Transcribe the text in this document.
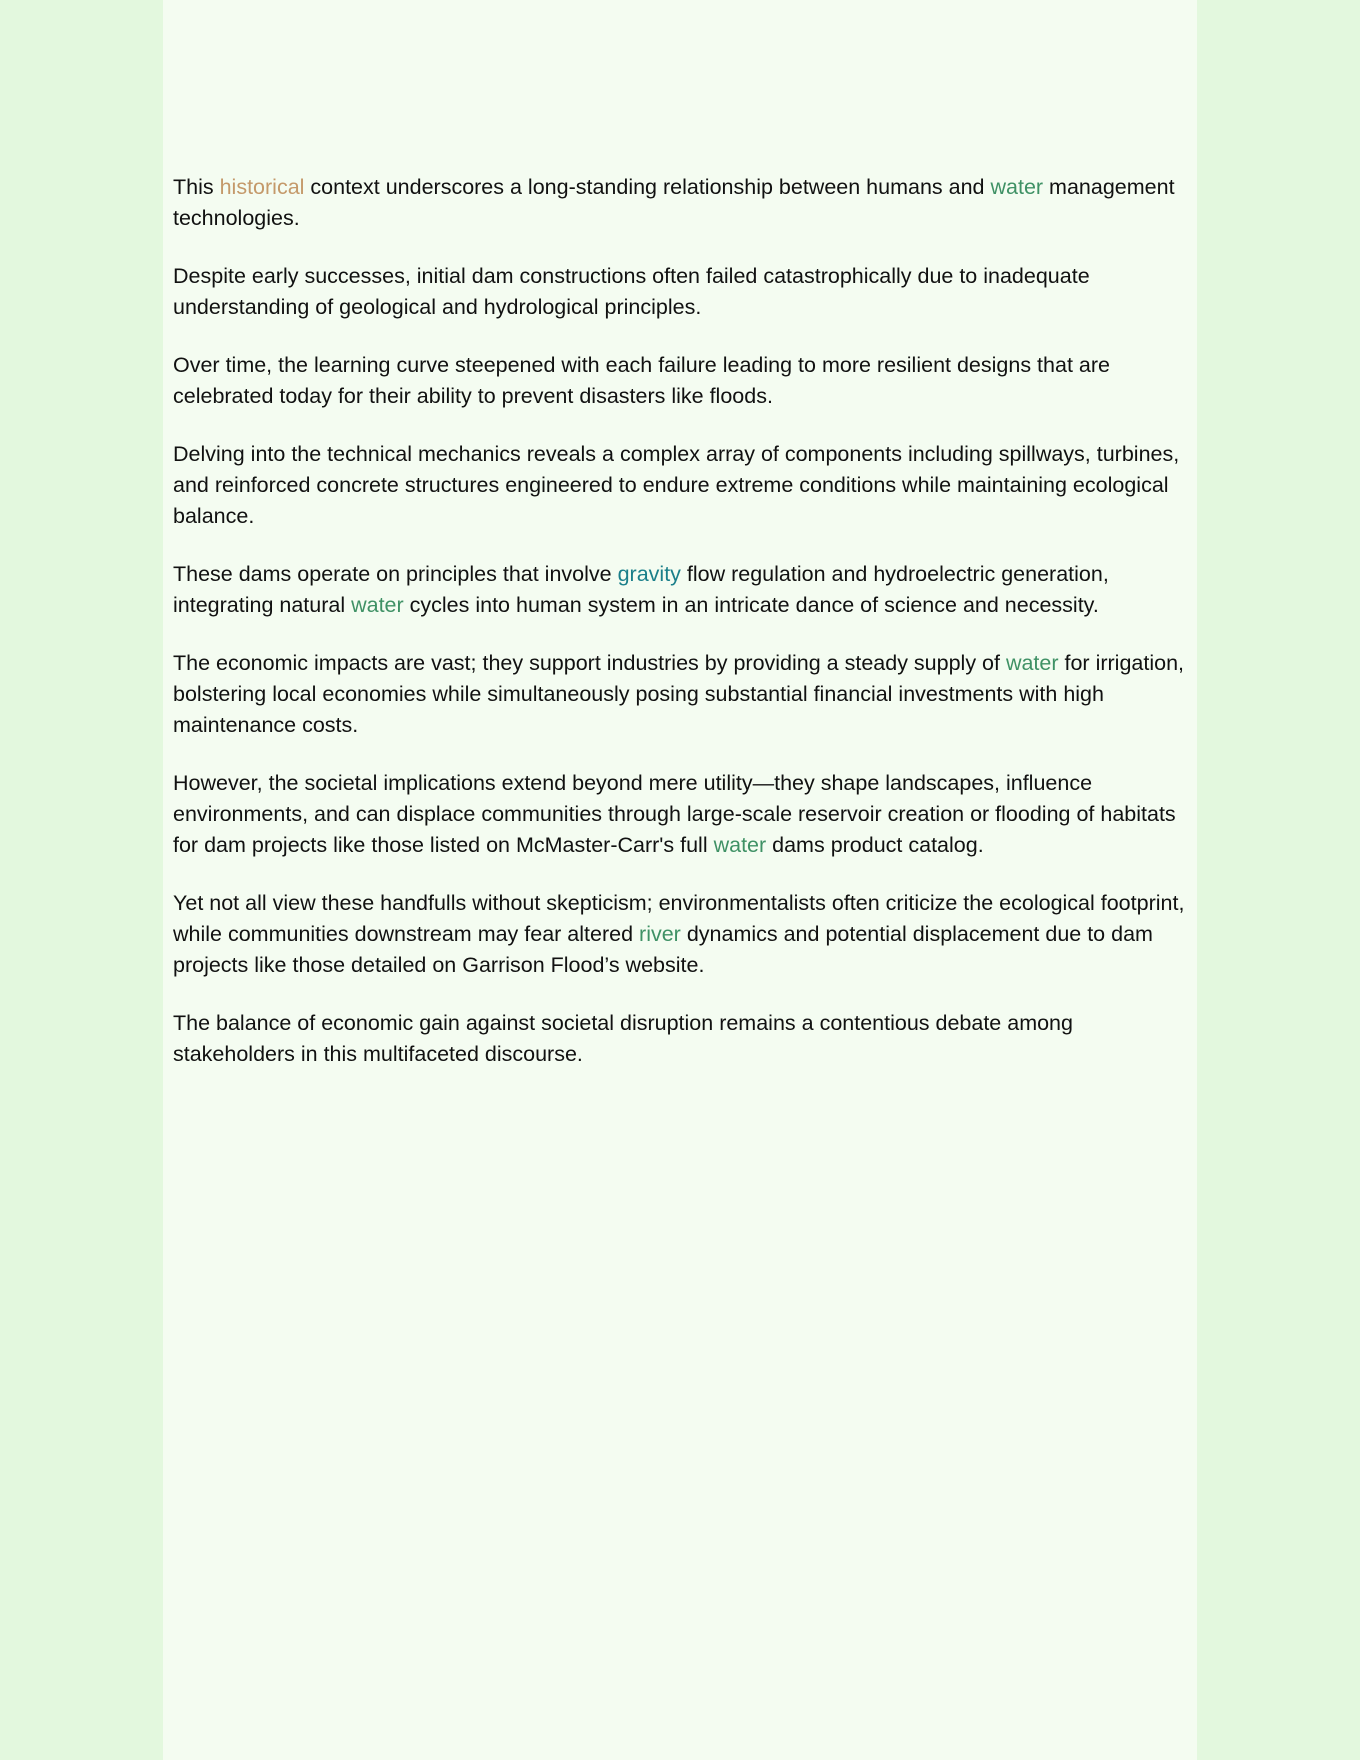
This historical context underscores a long-standing relationship between humans and water management technologies.

Despite early successes, initial dam constructions often failed catastrophically due to inadequate understanding of geological and hydrological principles.

Over time, the learning curve steepened with each failure leading to more resilient designs that are celebrated today for their ability to prevent disasters like floods.

Delving into the technical mechanics reveals a complex array of components including spillways, turbines, and reinforced concrete structures engineered to endure extreme conditions while maintaining ecological balance.

These dams operate on principles that involve gravity flow regulation and hydroelectric generation, integrating natural water cycles into human system in an intricate dance of science and necessity.

The economic impacts are vast; they support industries by providing a steady supply of water for irrigation, bolstering local economies while simultaneously posing substantial financial investments with high maintenance costs.

However, the societal implications extend beyond mere utility—they shape landscapes, influence environments, and can displace communities through large-scale reservoir creation or flooding of habitats for dam projects like those listed on McMaster-Carr's full water dams product catalog.

Yet not all view these handfulls without skepticism; environmentalists often criticize the ecological footprint, while communities downstream may fear altered river dynamics and potential displacement due to dam projects like those detailed on Garrison Flood’s website.

The balance of economic gain against societal disruption remains a contentious debate among stakeholders in this multifaceted discourse.
